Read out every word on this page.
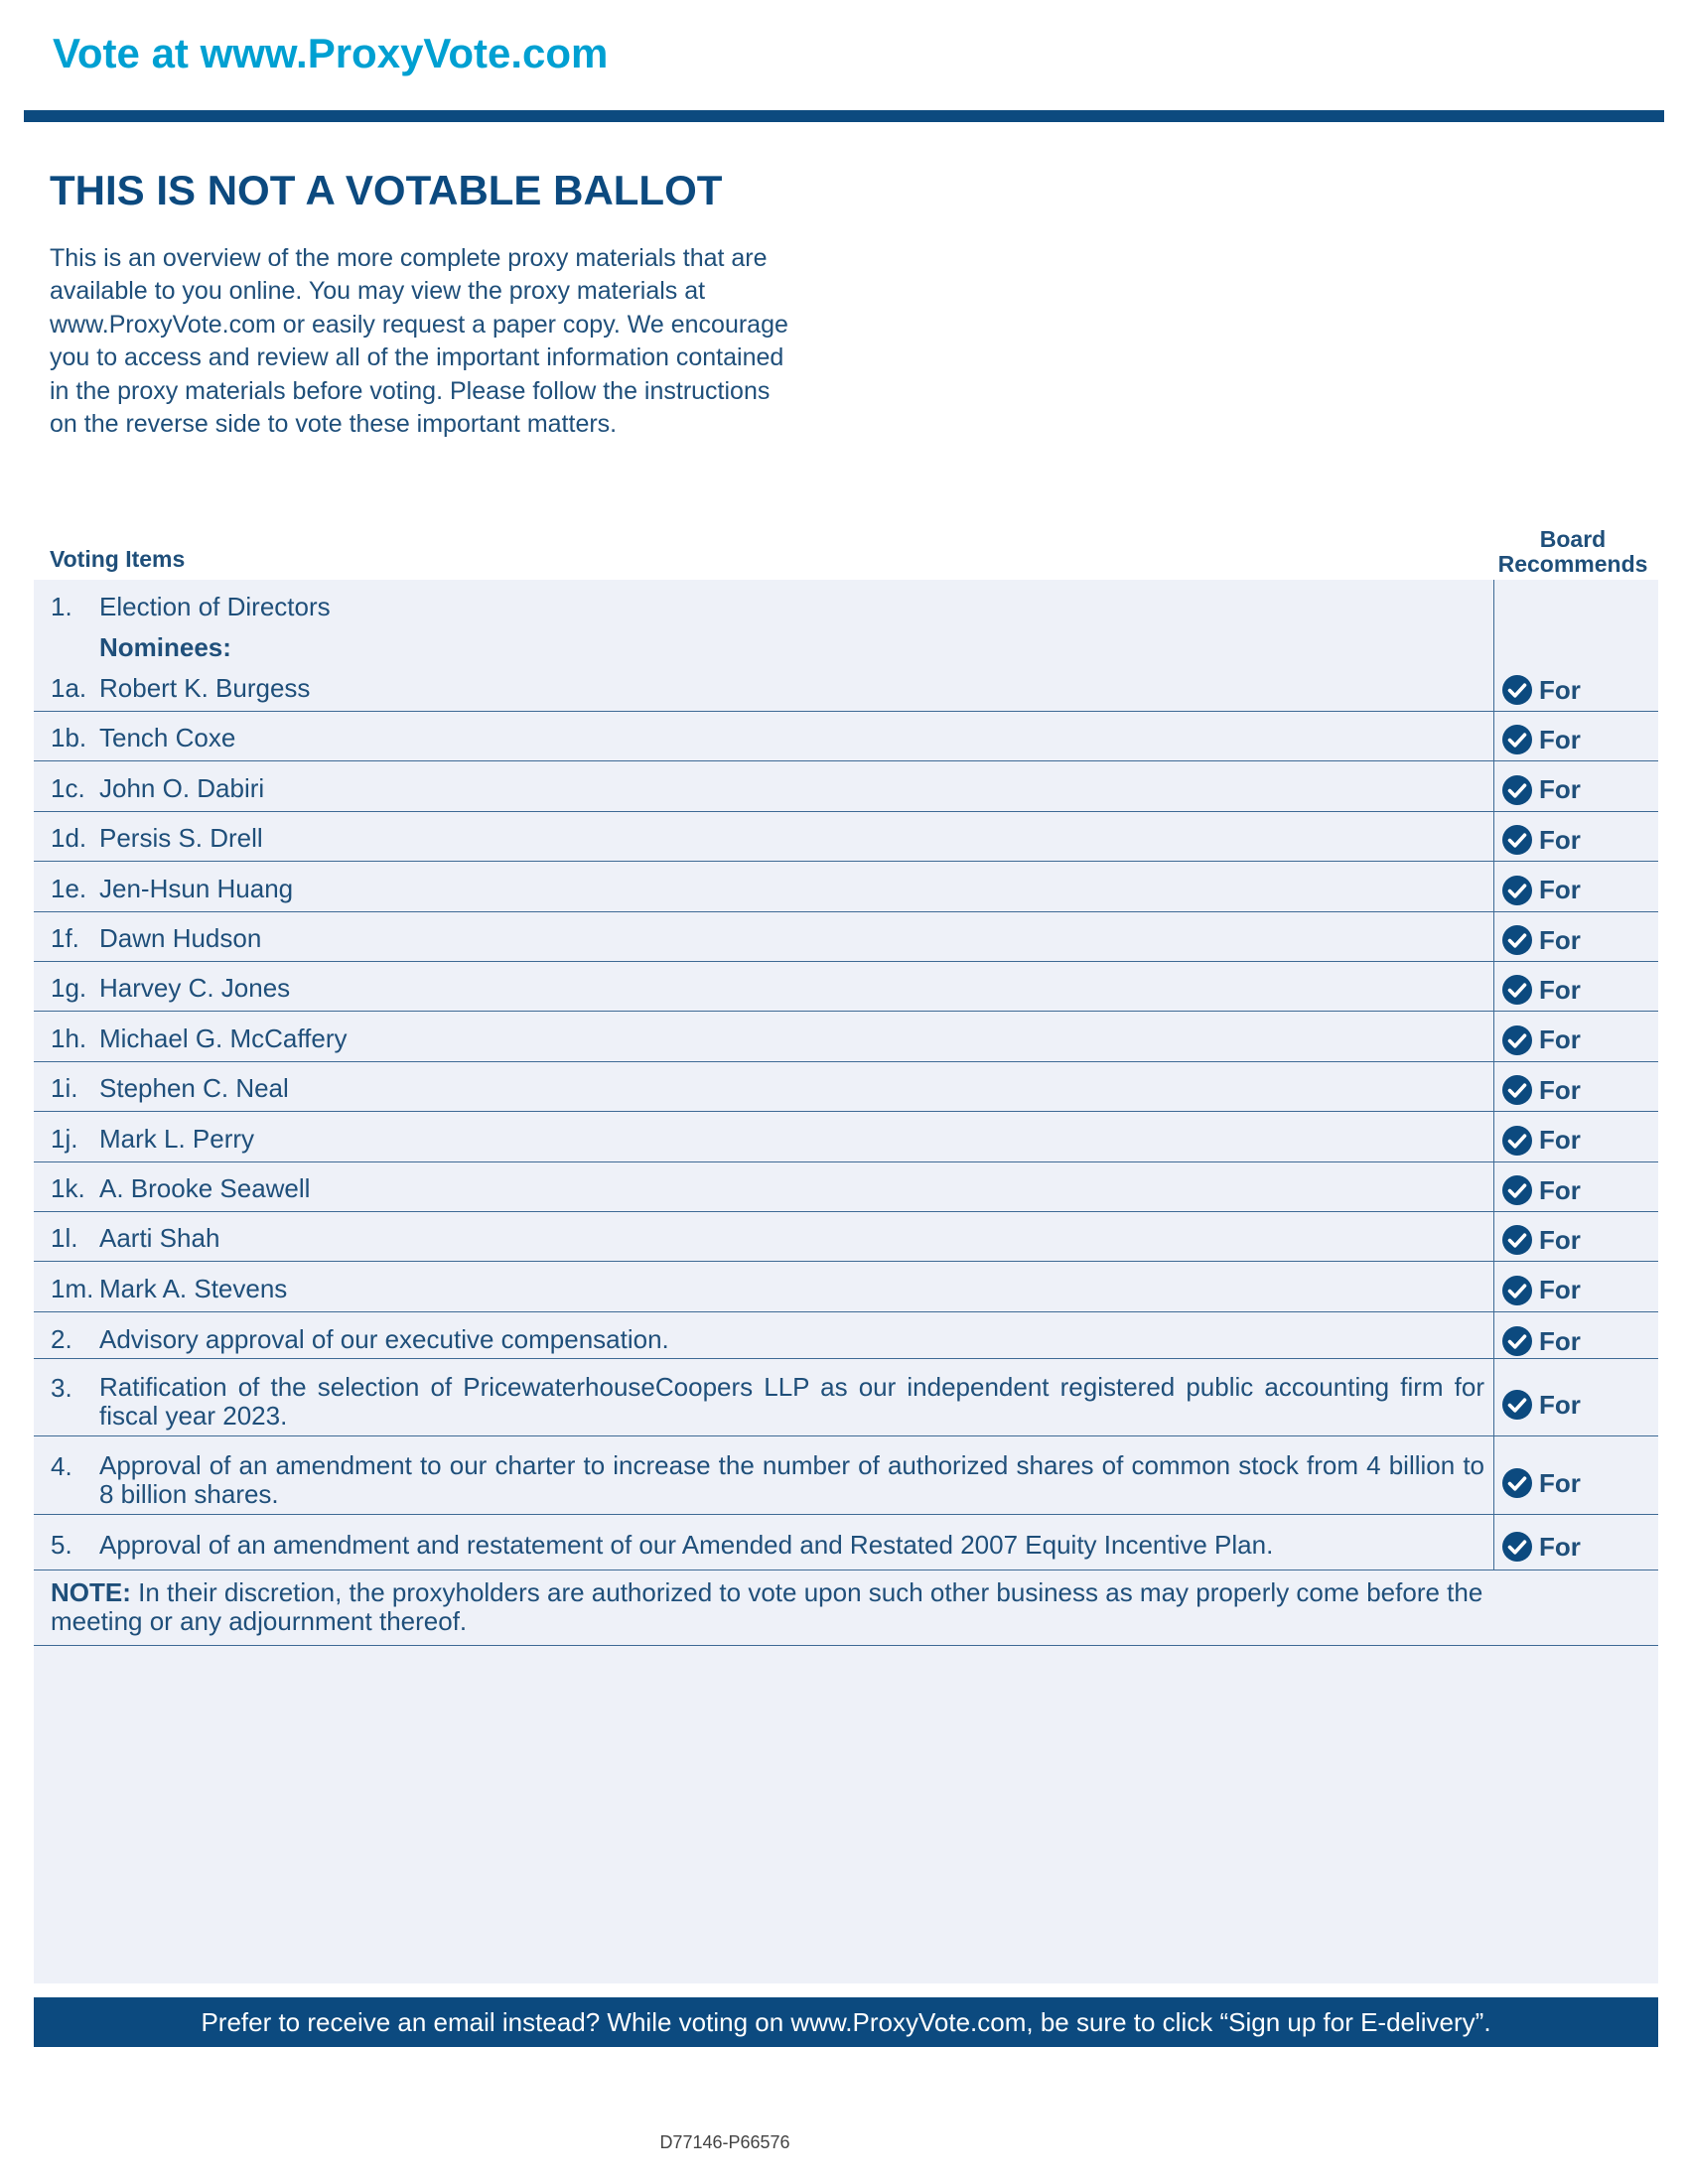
Vote at www.ProxyVote.com
THIS IS NOT A VOTABLE BALLOT
This is an overview of the more complete proxy materials that are available to you online. You may view the proxy materials at www.ProxyVote.com or easily request a paper copy. We encourage you to access and review all of the important information contained in the proxy materials before voting. Please follow the instructions on the reverse side to vote these important matters.
Voting Items
Board Recommends
1. Election of Directors
Nominees:
1a. Robert K. Burgess	For
1b. Tench Coxe	For
1c. John O. Dabiri	For
1d. Persis S. Drell	For
1e. Jen-Hsun Huang	For
1f. Dawn Hudson	For
1g. Harvey C. Jones	For
1h. Michael G. McCaffery	For
1i. Stephen C. Neal	For
1j. Mark L. Perry	For
1k. A. Brooke Seawell	For
1l. Aarti Shah	For
1m. Mark A. Stevens	For
2. Advisory approval of our executive compensation.	For
3. Ratification of the selection of PricewaterhouseCoopers LLP as our independent registered public accounting firm for fiscal year 2023.	For
4. Approval of an amendment to our charter to increase the number of authorized shares of common stock from 4 billion to 8 billion shares.	For
5. Approval of an amendment and restatement of our Amended and Restated 2007 Equity Incentive Plan.	For
NOTE: In their discretion, the proxyholders are authorized to vote upon such other business as may properly come before the meeting or any adjournment thereof.
Prefer to receive an email instead? While voting on www.ProxyVote.com, be sure to click “Sign up for E-delivery”.
D77146-P66576
